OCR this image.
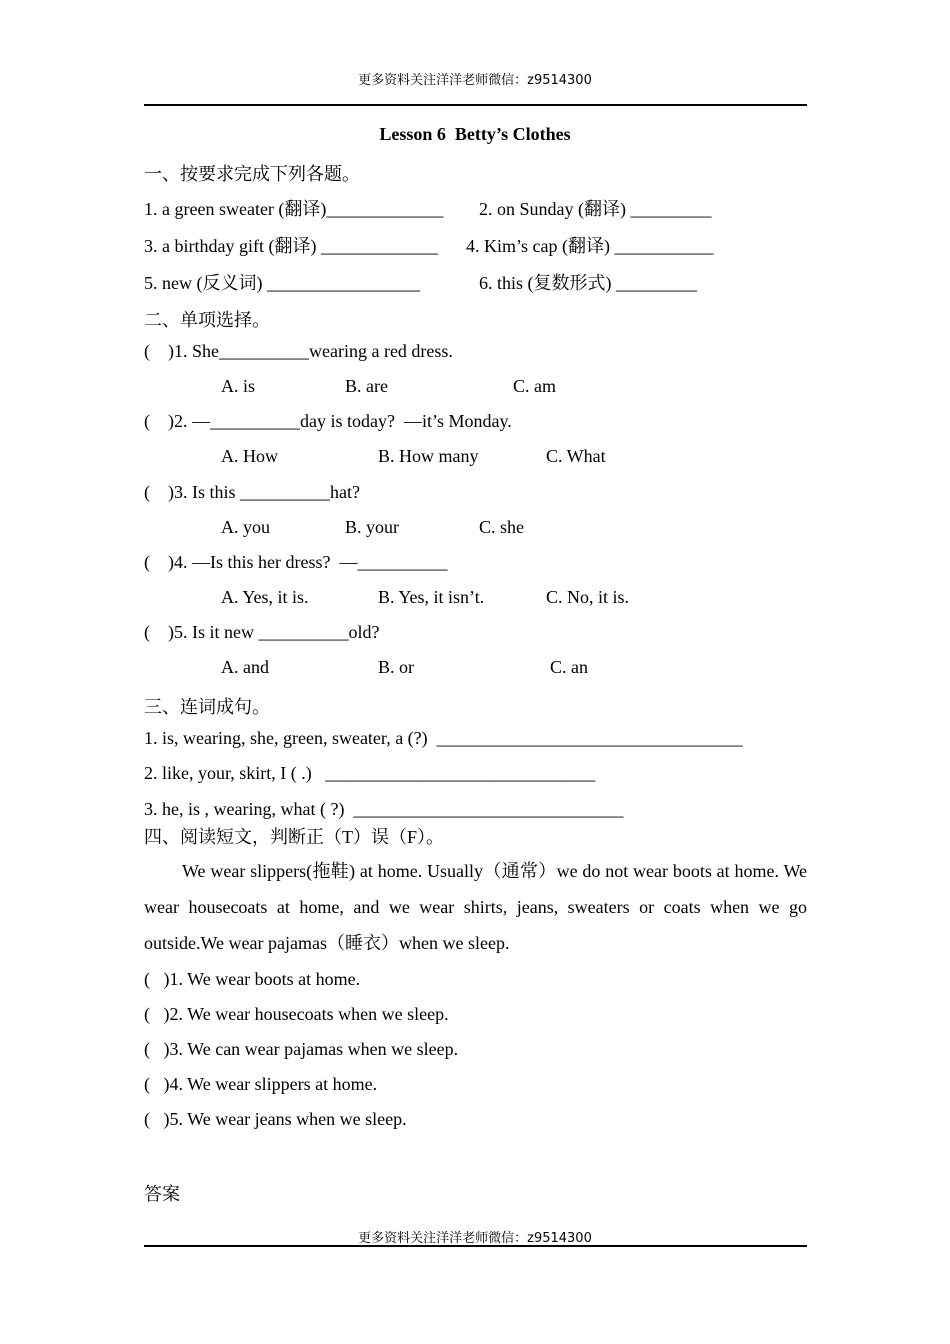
更多资料关注洋洋老师微信：z9514300
Lesson 6  Betty’s Clothes
一、按要求完成下列各题。
1. a green sweater (翻译)_____________ 2. on Sunday (翻译) _________
3. a birthday gift (翻译) _____________ 4. Kim’s cap (翻译) ___________
5. new (反义词) _________________	6. this (复数形式) _________
二、单项选择。
(    )1. She__________wearing a red dress.
A. is	B. are	C. am
(    )2. —__________day is today?  —it’s Monday.
A. How	B. How many	C. What
(    )3. Is this __________hat?
A. you	B. your	C. she
(    )4. —Is this her dress?  —__________
A. Yes, it is.	B. Yes, it isn’t.	C. No, it is.
(    )5. Is it new __________old?
A. and	B. or	C. an
三、连词成句。
1. is, wearing, she, green, sweater, a (?)  __________________________________
2. like, your, skirt, I ( .)   ______________________________
3. he, is , wearing, what ( ?)  ______________________________
四、阅读短文，判断正（T）误（F）。
We wear slippers(拖鞋) at home. Usually（通常）we do not wear boots at home. We wear housecoats at home, and we wear shirts, jeans, sweaters or coats when we go outside.We wear pajamas（睡衣）when we sleep.
(   )1. We wear boots at home.
(   )2. We wear housecoats when we sleep.
(   )3. We can wear pajamas when we sleep.
(   )4. We wear slippers at home.
(   )5. We wear jeans when we sleep.
答案
更多资料关注洋洋老师微信：z9514300
